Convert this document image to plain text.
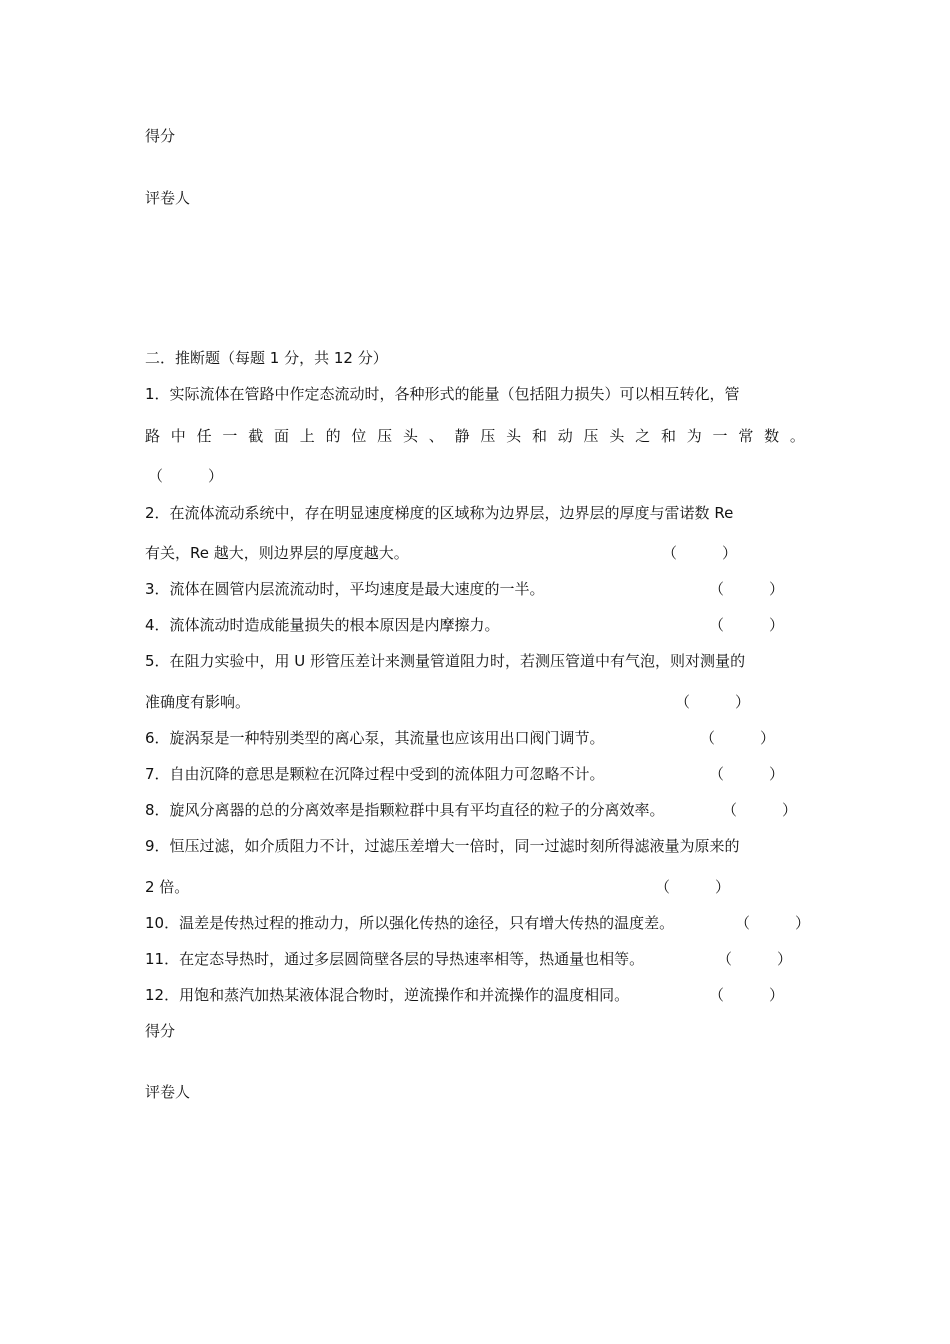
得分
评卷人
二．推断题（每题 1 分，共 12 分）
1．实际流体在管路中作定态流动时，各种形式的能量（包括阻力损失）可以相互转化，管
路 中 任 一 截 面 上 的 位 压 头 、 静 压 头 和 动 压 头 之 和 为 一 常 数 。
（　　　）
2．在流体流动系统中，存在明显速度梯度的区域称为边界层，边界层的厚度与雷诺数 Re
有关，Re 越大，则边界层的厚度越大。	（　　　）
3．流体在圆管内层流流动时，平均速度是最大速度的一半。	（　　　）
4．流体流动时造成能量损失的根本原因是内摩擦力。	（　　　）
5．在阻力实验中，用 U 形管压差计来测量管道阻力时，若测压管道中有气泡，则对测量的
准确度有影响。	（　　　）
6．旋涡泵是一种特别类型的离心泵，其流量也应该用出口阀门调节。	（　　　）
7．自由沉降的意思是颗粒在沉降过程中受到的流体阻力可忽略不计。	（　　　）
8．旋风分离器的总的分离效率是指颗粒群中具有平均直径的粒子的分离效率。	（　　　）
9．恒压过滤，如介质阻力不计，过滤压差增大一倍时，同一过滤时刻所得滤液量为原来的
2 倍。	（　　　）
10．温差是传热过程的推动力，所以强化传热的途径，只有增大传热的温度差。	（　　　）
11．在定态导热时，通过多层圆筒壁各层的导热速率相等，热通量也相等。	（　　　）
12．用饱和蒸汽加热某液体混合物时，逆流操作和并流操作的温度相同。	（　　　）
得分
评卷人
